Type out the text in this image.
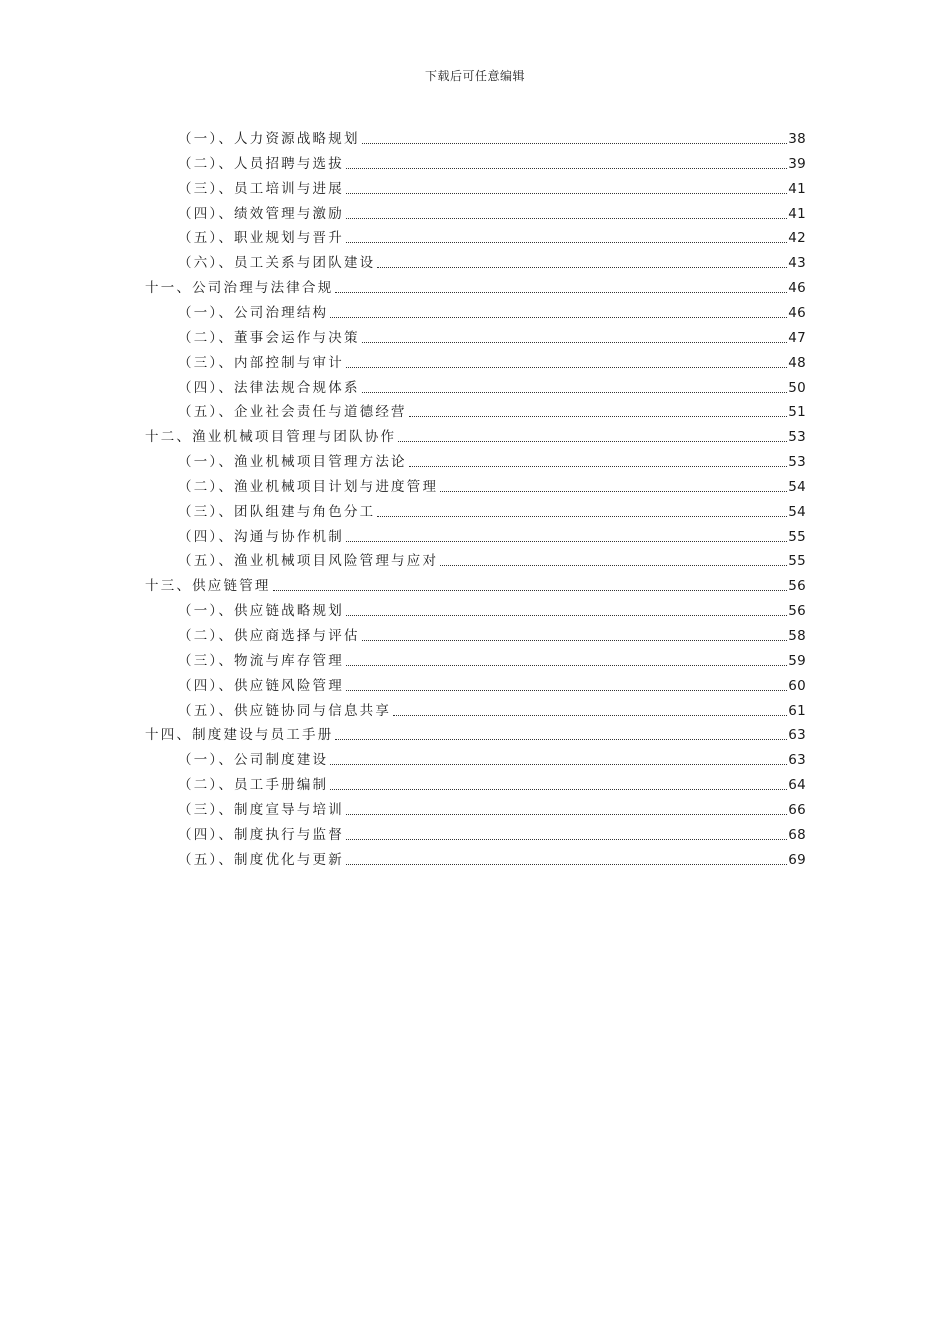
下载后可任意编辑
（一）、人力资源战略规划	38
（二）、人员招聘与选拔	39
（三）、员工培训与进展	41
（四）、绩效管理与激励	41
（五）、职业规划与晋升	42
（六）、员工关系与团队建设	43
十一、公司治理与法律合规	46
（一）、公司治理结构	46
（二）、董事会运作与决策	47
（三）、内部控制与审计	48
（四）、法律法规合规体系	50
（五）、企业社会责任与道德经营	51
十二、渔业机械项目管理与团队协作	53
（一）、渔业机械项目管理方法论	53
（二）、渔业机械项目计划与进度管理	54
（三）、团队组建与角色分工	54
（四）、沟通与协作机制	55
（五）、渔业机械项目风险管理与应对	55
十三、供应链管理	56
（一）、供应链战略规划	56
（二）、供应商选择与评估	58
（三）、物流与库存管理	59
（四）、供应链风险管理	60
（五）、供应链协同与信息共享	61
十四、制度建设与员工手册	63
（一）、公司制度建设	63
（二）、员工手册编制	64
（三）、制度宣导与培训	66
（四）、制度执行与监督	68
（五）、制度优化与更新	69
